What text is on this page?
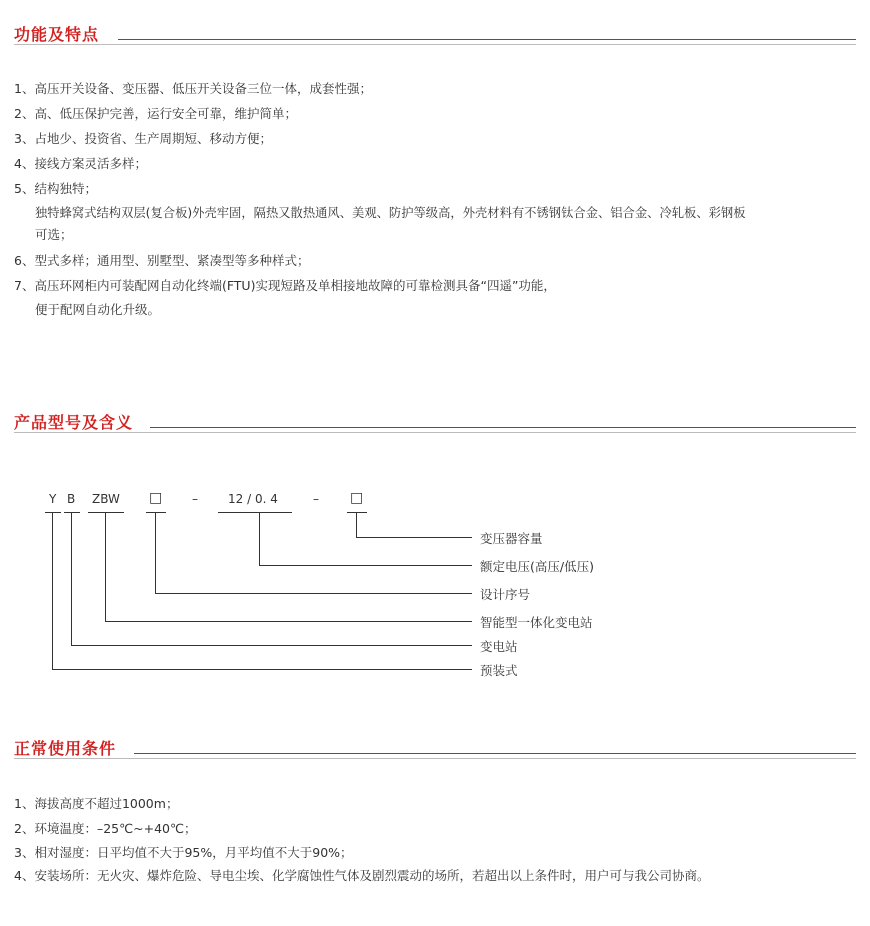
功能及特点
1、高压开关设备、变压器、低压开关设备三位一体，成套性强；
2、高、低压保护完善，运行安全可靠，维护简单；
3、占地少、投资省、生产周期短、移动方便；
4、接线方案灵活多样；
5、结构独特；
独特蜂窝式结构双层(复合板)外壳牢固，隔热又散热通风、美观、防护等级高，外壳材料有不锈钢钛合金、铝合金、冷轧板、彩钢板
可选；
6、型式多样；通用型、别墅型、紧凑型等多种样式；
7、高压环网柜内可装配网自动化终端(FTU)实现短路及单相接地故障的可靠检测具备“四遥”功能，
便于配网自动化升级。
产品型号及含义
Y B ZBW □ –	12 / 0. 4	– □
变压器容量
额定电压(高压/低压)
设计序号
智能型一体化变电站
变电站
预装式
正常使用条件
1、海拔高度不超过1000m；
2、环境温度：–25℃~+40℃；
3、相对湿度：日平均值不大于95%，月平均值不大于90%；
4、安装场所：无火灾、爆炸危险、导电尘埃、化学腐蚀性气体及剧烈震动的场所，若超出以上条件时，用户可与我公司协商。
